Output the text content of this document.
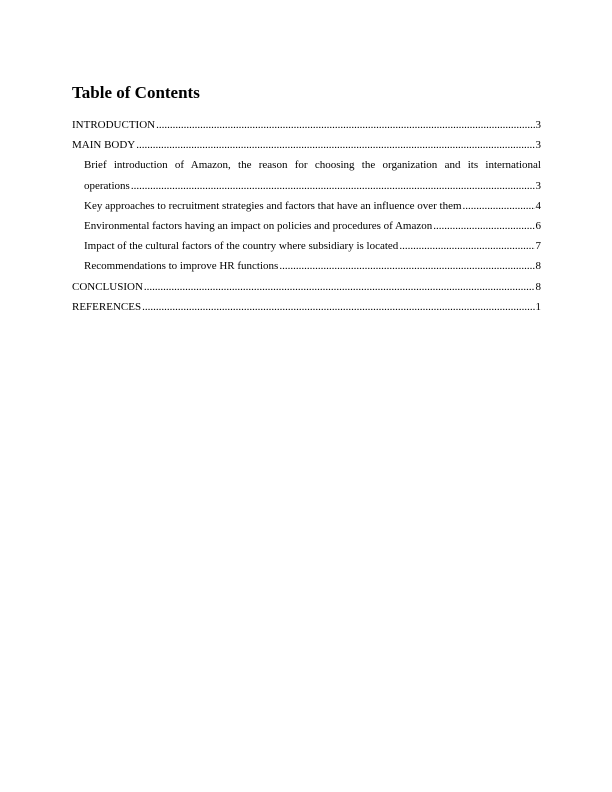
Table of Contents
INTRODUCTION .....	3
MAIN BODY .....	3
Brief introduction of Amazon, the reason for choosing the organization and its international
operations .....	3
Key approaches to recruitment strategies and factors that have an influence over them .....	4
Environmental factors having an impact on policies and procedures of Amazon .....	6
Impact of the cultural factors of the country where subsidiary is located .....	7
Recommendations to improve HR functions .....	8
CONCLUSION .....	8
REFERENCES .....	1
